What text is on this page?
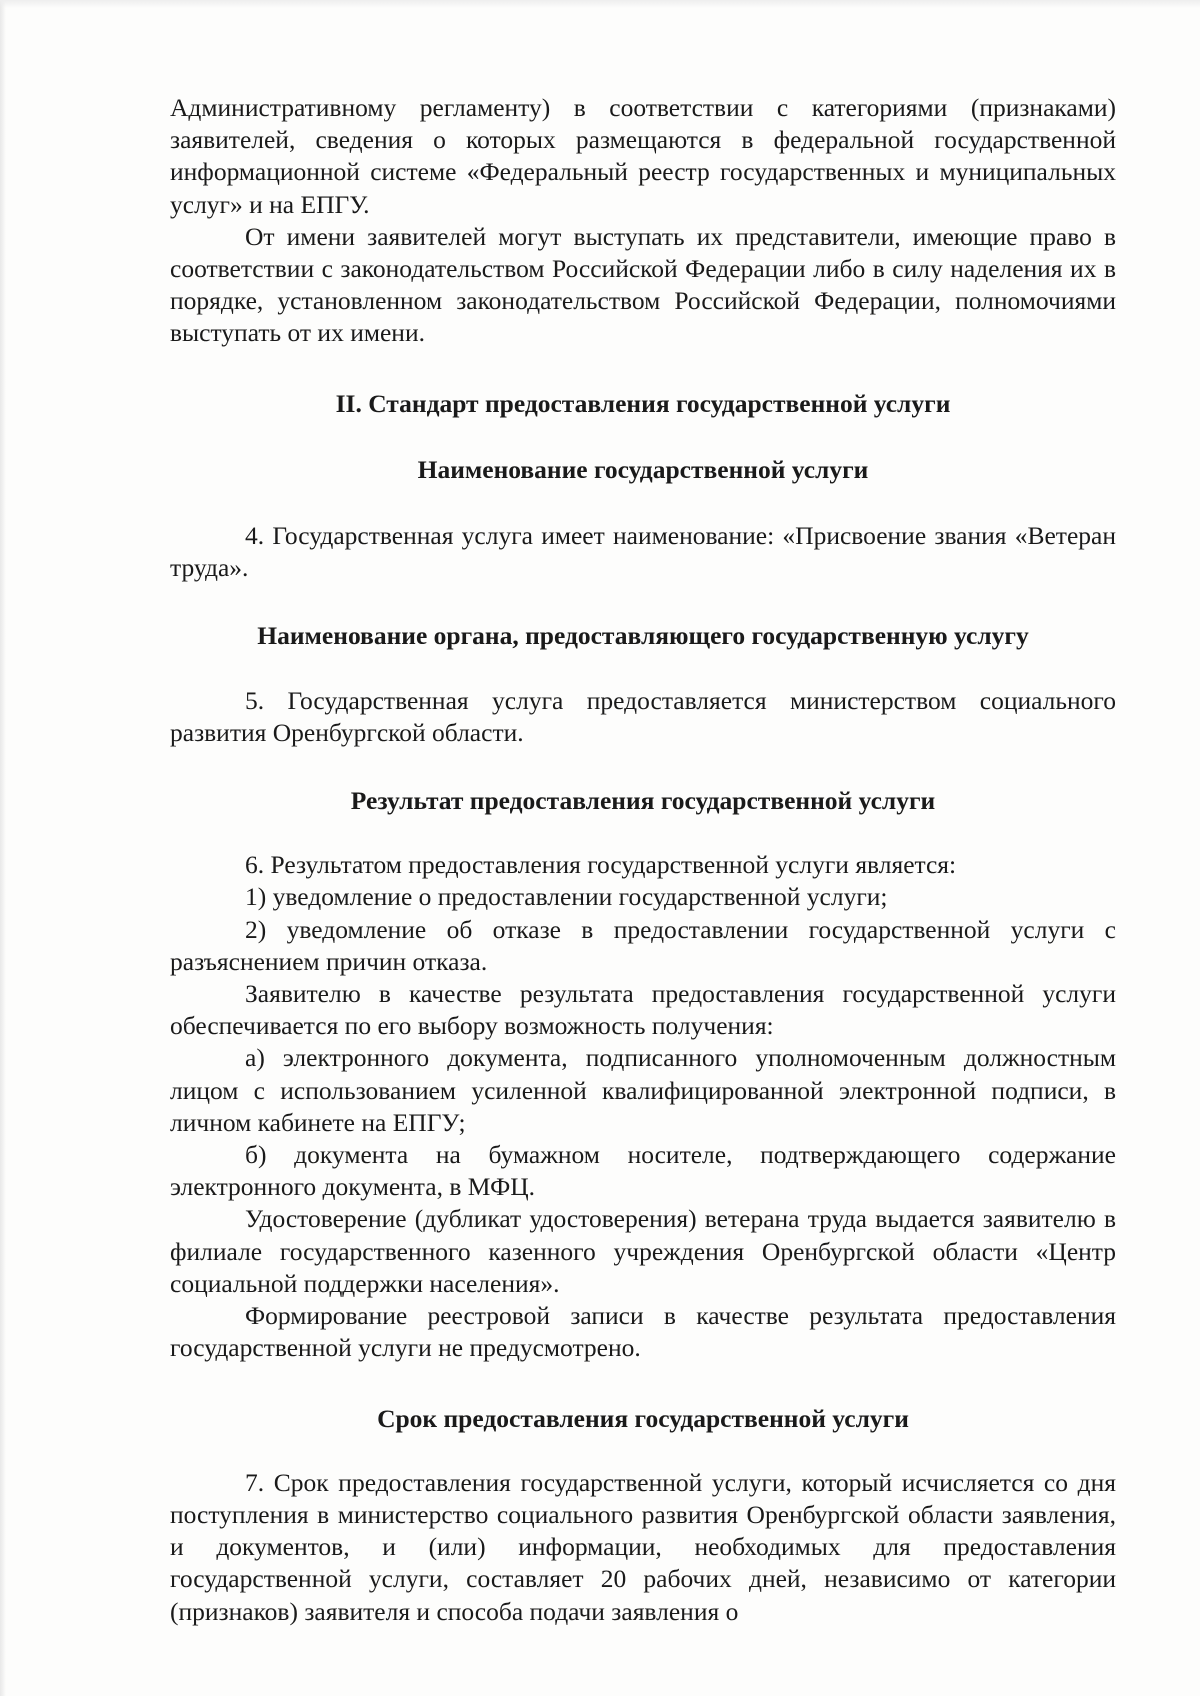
Административному регламенту) в соответствии с категориями (признаками) заявителей, сведения о которых размещаются в федеральной государственной информационной системе «Федеральный реестр государственных и муниципальных услуг» и на ЕПГУ.

От имени заявителей могут выступать их представители, имеющие право в соответствии с законодательством Российской Федерации либо в силу наделения их в порядке, установленном законодательством Российской Федерации, полномочиями выступать от их имени.

II. Стандарт предоставления государственной услуги
Наименование государственной услуги

4. Государственная услуга имеет наименование: «Присвоение звания «Ветеран труда».

Наименование органа, предоставляющего государственную услугу

5. Государственная услуга предоставляется министерством социального развития Оренбургской области.

Результат предоставления государственной услуги

6. Результатом предоставления государственной услуги является:

1) уведомление о предоставлении государственной услуги;

2) уведомление об отказе в предоставлении государственной услуги с разъяснением причин отказа.

Заявителю в качестве результата предоставления государственной услуги обеспечивается по его выбору возможность получения:

а) электронного документа, подписанного уполномоченным должностным лицом с использованием усиленной квалифицированной электронной подписи, в личном кабинете на ЕПГУ;

б) документа на бумажном носителе, подтверждающего содержание электронного документа, в МФЦ.

Удостоверение (дубликат удостоверения) ветерана труда выдается заявителю в филиале государственного казенного учреждения Оренбургской области «Центр социальной поддержки населения».

Формирование реестровой записи в качестве результата предоставления государственной услуги не предусмотрено.

Срок предоставления государственной услуги

7. Срок предоставления государственной услуги, который исчисляется со дня поступления в министерство социального развития Оренбургской области заявления, и документов, и (или) информации, необходимых для предоставления государственной услуги, составляет 20 рабочих дней, независимо от категории (признаков) заявителя и способа подачи заявления о
